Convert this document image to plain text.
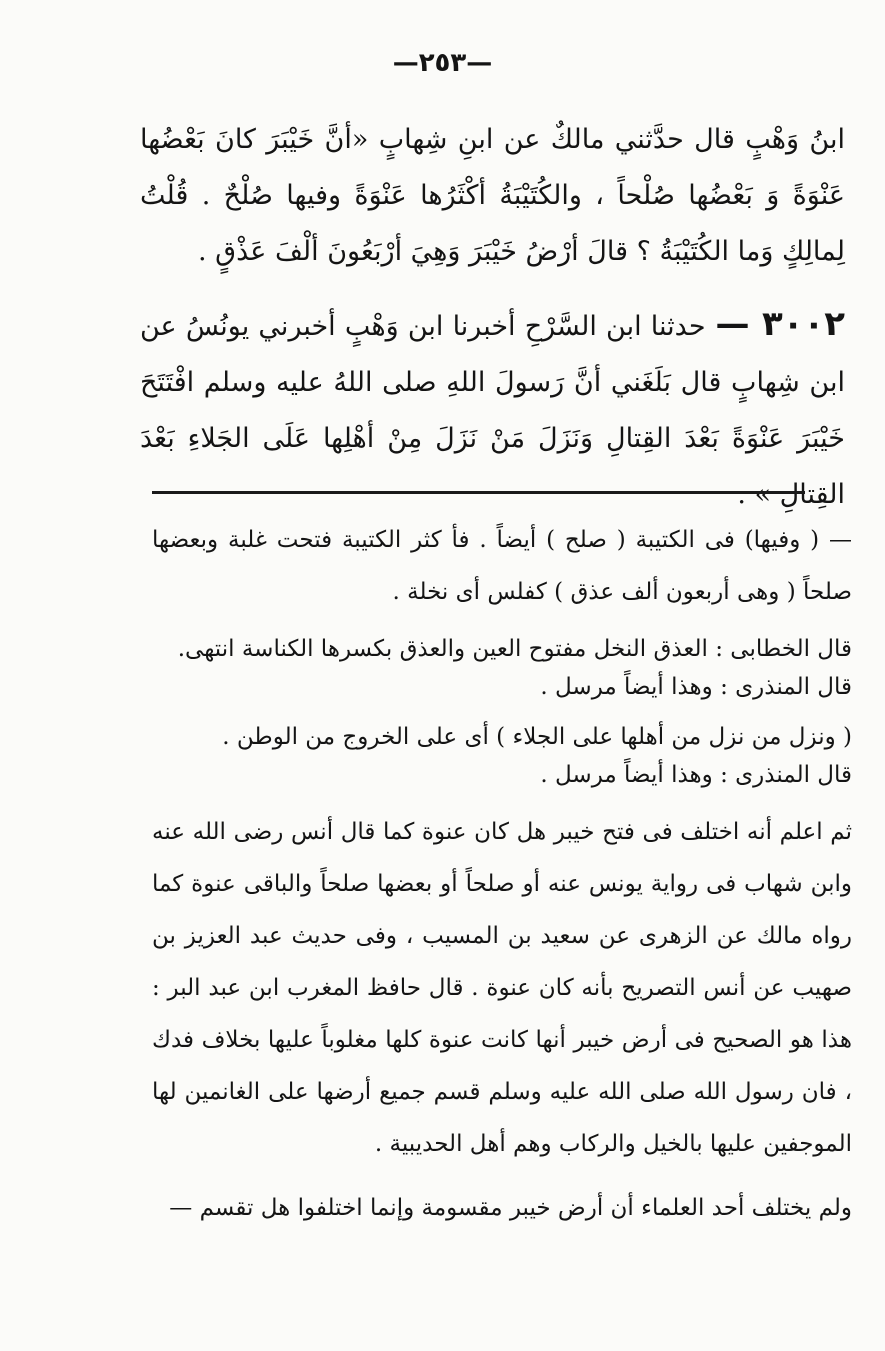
—٢٥٣—

ابنُ وَهْبٍ قال حدَّثني مالكٌ عن ابنِ شِهابٍ «أنَّ خَيْبَرَ كانَ بَعْضُها عَنْوَةً وَ بَعْضُها صُلْحاً ، والكُتَيْبَةُ أكْثَرُها عَنْوَةً وفيها صُلْحٌ . قُلْتُ لِمالِكٍ وَما الكُتَيْبَةُ ؟ قالَ أرْضُ خَيْبَرَ وَهِيَ أرْبَعُونَ ألْفَ عَذْقٍ .

٣٠٠٢ —حدثنا ابن السَّرْحِ أخبرنا ابن وَهْبٍ أخبرني يونُسُ عن ابن شِهابٍ قال بَلَغَني أنَّ رَسولَ اللهِ صلى اللهُ عليه وسلم افْتَتَحَ خَيْبَرَ عَنْوَةً بَعْدَ القِتالِ وَنَزَلَ مَنْ نَزَلَ مِنْ أهْلِها عَلَى الجَلاءِ بَعْدَ القِتالِ » .

— ( وفيها) فى الكتيبة ( صلح ) أيضاً . فأ كثر الكتيبة فتحت غلبة وبعضها صلحاً ( وهى أربعون ألف عذق ) كفلس أى نخلة .

قال الخطابى : العذق النخل مفتوح العين والعذق بكسرها الكناسة انتهى.

قال المنذرى : وهذا أيضاً مرسل .

( ونزل من نزل من أهلها على الجلاء ) أى على الخروج من الوطن .

قال المنذرى : وهذا أيضاً مرسل .

ثم اعلم أنه اختلف فى فتح خيبر هل كان عنوة كما قال أنس رضى الله عنه وابن شهاب فى رواية يونس عنه أو صلحاً أو بعضها صلحاً والباقى عنوة كما رواه مالك عن الزهرى عن سعيد بن المسيب ، وفى حديث عبد العزيز بن صهيب عن أنس التصريح بأنه كان عنوة . قال حافظ المغرب ابن عبد البر : هذا هو الصحيح فى أرض خيبر أنها كانت عنوة كلها مغلوباً عليها بخلاف فدك ، فان رسول الله صلى الله عليه وسلم قسم جميع أرضها على الغانمين لها الموجفين عليها بالخيل والركاب وهم أهل الحديبية .

ولم يختلف أحد العلماء أن أرض خيبر مقسومة وإنما اختلفوا هل تقسم —
